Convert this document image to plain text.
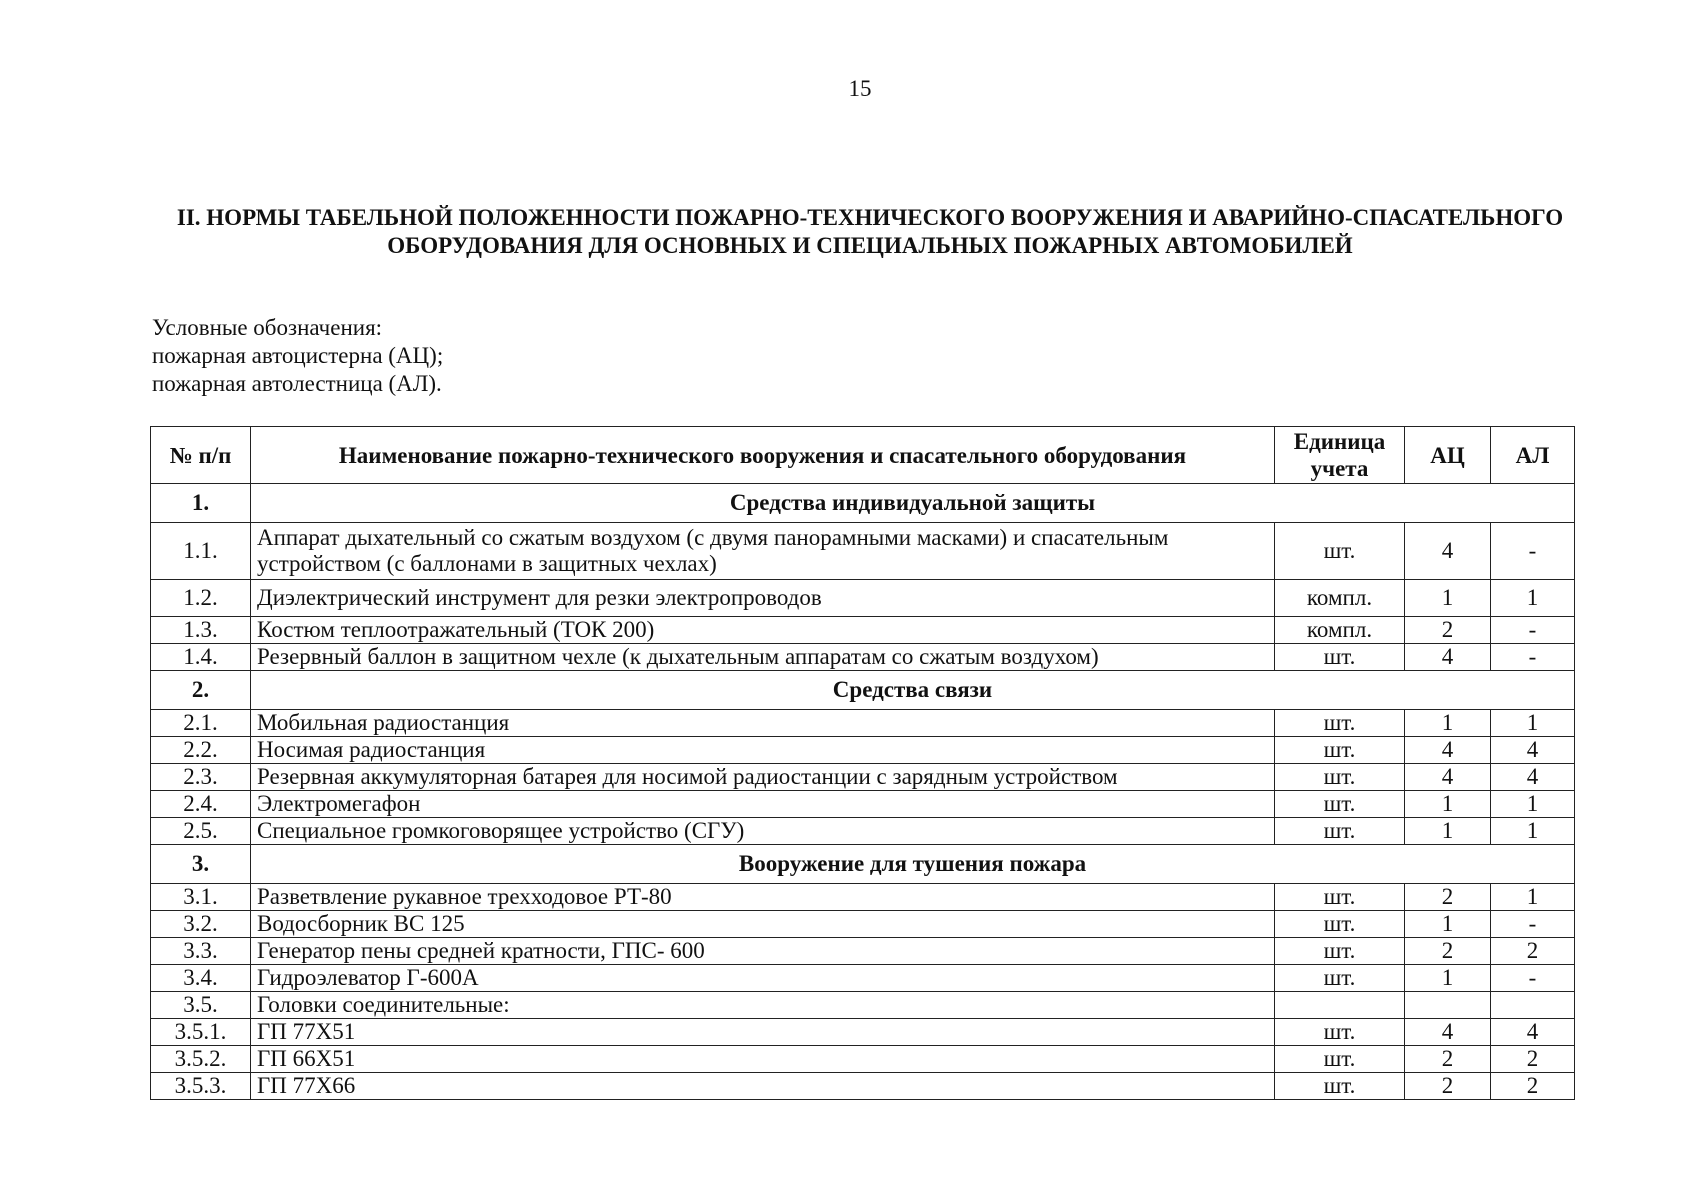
15
II. НОРМЫ ТАБЕЛЬНОЙ ПОЛОЖЕННОСТИ ПОЖАРНО-ТЕХНИЧЕСКОГО ВООРУЖЕНИЯ И АВАРИЙНО-СПАСАТЕЛЬНОГО
ОБОРУДОВАНИЯ ДЛЯ ОСНОВНЫХ И СПЕЦИАЛЬНЫХ ПОЖАРНЫХ АВТОМОБИЛЕЙ
Условные обозначения:
пожарная автоцистерна (АЦ);
пожарная автолестница (АЛ).
№ п/п	Наименование пожарно-технического вооружения и спасательного оборудования	Единица учета	АЦ	АЛ
1.	Средства индивидуальной защиты			
1.1.	Аппарат дыхательный со сжатым воздухом (с двумя панорамными масками) и спасательным устройством (с баллонами в защитных чехлах)	шт.	4	-
1.2.	Диэлектрический инструмент для резки электропроводов	компл.	1	1
1.3.	Костюм теплоотражательный (ТОК 200)	компл.	2	-
1.4.	Резервный баллон в защитном чехле (к дыхательным аппаратам со сжатым воздухом)	шт.	4	-
2.	Средства связи			
2.1.	Мобильная радиостанция	шт.	1	1
2.2.	Носимая радиостанция	шт.	4	4
2.3.	Резервная аккумуляторная батарея для носимой радиостанции с зарядным устройством	шт.	4	4
2.4.	Электромегафон	шт.	1	1
2.5.	Специальное громкоговорящее устройство (СГУ)	шт.	1	1
3.	Вооружение для тушения пожара			
3.1.	Разветвление рукавное трехходовое РТ-80	шт.	2	1
3.2.	Водосборник ВС 125	шт.	1	-
3.3.	Генератор пены средней кратности, ГПС- 600	шт.	2	2
3.4.	Гидроэлеватор Г-600А	шт.	1	-
3.5.	Головки соединительные:			
3.5.1.	ГП 77Х51	шт.	4	4
3.5.2.	ГП 66Х51	шт.	2	2
3.5.3.	ГП 77Х66	шт.	2	2
